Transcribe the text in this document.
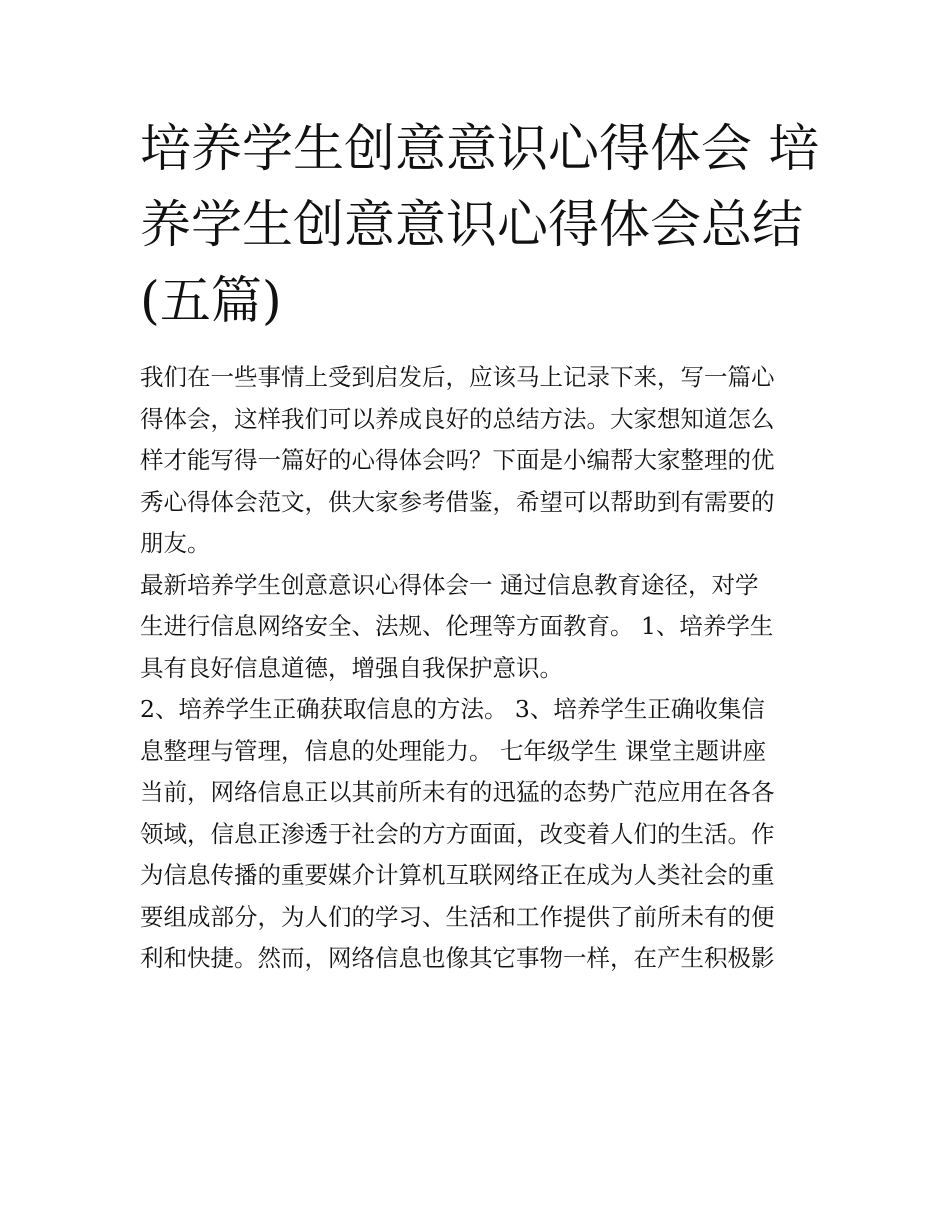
培养学生创意意识心得体会 培
养学生创意意识心得体会总结
(五篇)

我们在一些事情上受到启发后，应该马上记录下来，写一篇心
得体会，这样我们可以养成良好的总结方法。大家想知道怎么
样才能写得一篇好的心得体会吗？下面是小编帮大家整理的优
秀心得体会范文，供大家参考借鉴，希望可以帮助到有需要的
朋友。

最新培养学生创意意识心得体会一 通过信息教育途径，对学
生进行信息网络安全、法规、伦理等方面教育。 1、培养学生
具有良好信息道德，增强自我保护意识。

2、培养学生正确获取信息的方法。 3、培养学生正确收集信
息整理与管理，信息的处理能力。 七年级学生 课堂主题讲座
当前，网络信息正以其前所未有的迅猛的态势广范应用在各各
领域，信息正渗透于社会的方方面面，改变着人们的生活。作
为信息传播的重要媒介计算机互联网络正在成为人类社会的重
要组成部分，为人们的学习、生活和工作提供了前所未有的便
利和快捷。然而，网络信息也像其它事物一样，在产生积极影
